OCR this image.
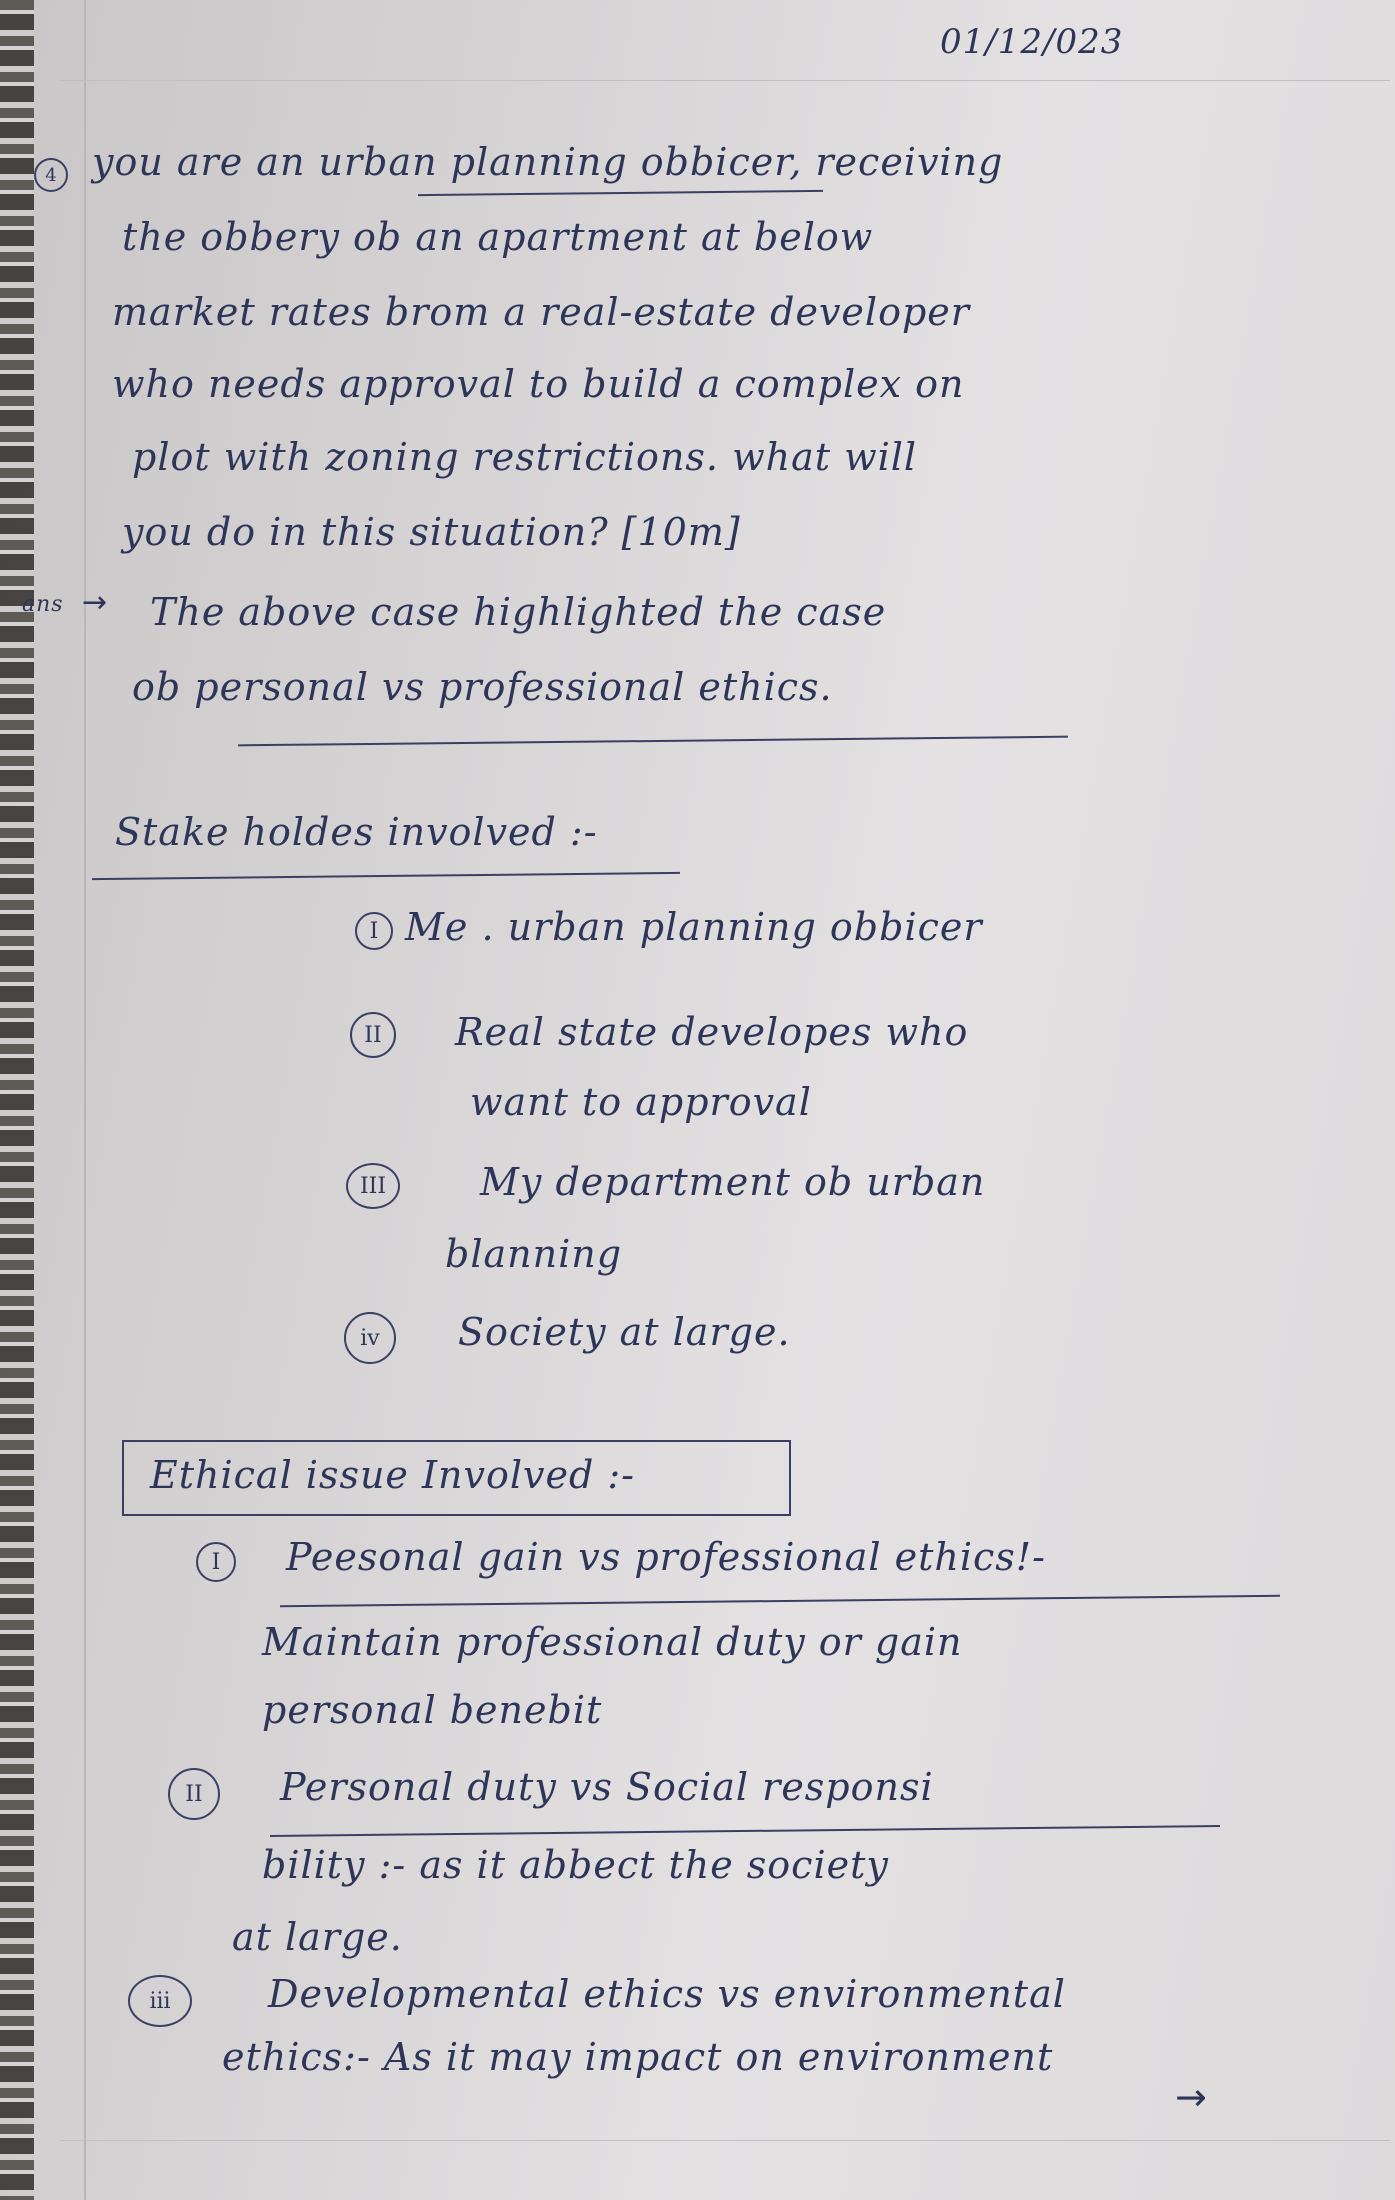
01/12/023
4 you are an urban planning obbicer, receiving
the obbery ob an apartment at below
market rates brom a real-estate developer
who needs approval to build a complex on
plot with zoning restrictions. what will
you do in this situation? [10m]
ans → The above case highlighted the case
ob personal vs professional ethics.
Stake holdes involved :-
I Me . urban planning obbicer
II	Real state developes who
want to approval
III	My department ob urban
blanning
iv	Society at large.
Ethical issue Involved :-
I	Peesonal gain vs professional ethics!-
Maintain professional duty or gain
personal benebit
II	Personal duty vs Social responsi
bility :- as it abbect the society
at large.
iii	Developmental ethics vs environmental
ethics:- As it may impact on environment
→
